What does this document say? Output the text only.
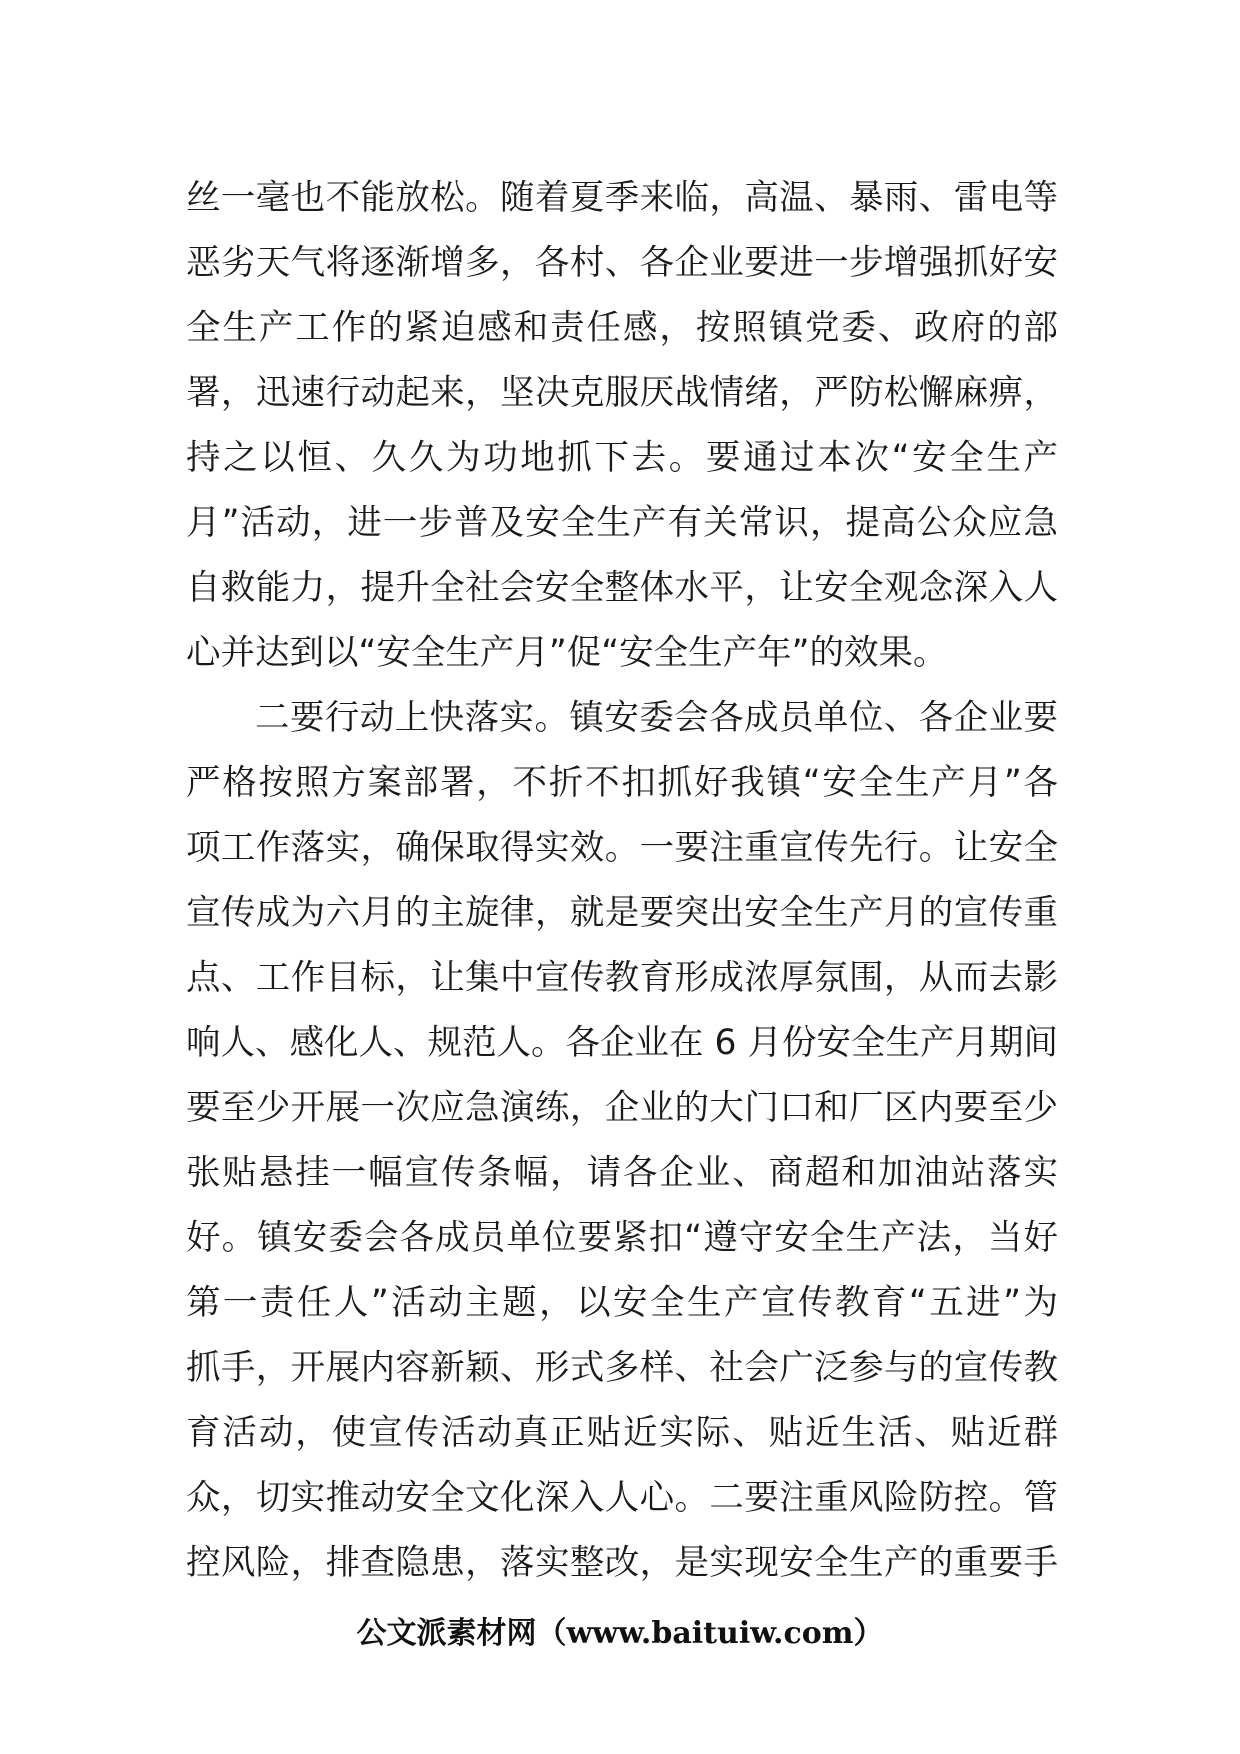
丝一毫也不能放松。随着夏季来临，高温、暴雨、雷电等
恶劣天气将逐渐增多，各村、各企业要进一步增强抓好安
全生产工作的紧迫感和责任感，按照镇党委、政府的部
署，迅速行动起来，坚决克服厌战情绪，严防松懈麻痹，
持之以恒、久久为功地抓下去。要通过本次“安全生产
月”活动，进一步普及安全生产有关常识，提高公众应急
自救能力，提升全社会安全整体水平，让安全观念深入人
心并达到以“安全生产月”促“安全生产年”的效果。
二要行动上快落实。镇安委会各成员单位、各企业要
严格按照方案部署，不折不扣抓好我镇“安全生产月”各
项工作落实，确保取得实效。一要注重宣传先行。让安全
宣传成为六月的主旋律，就是要突出安全生产月的宣传重
点、工作目标，让集中宣传教育形成浓厚氛围，从而去影
响人、感化人、规范人。各企业在 6 月份安全生产月期间
要至少开展一次应急演练，企业的大门口和厂区内要至少
张贴悬挂一幅宣传条幅，请各企业、商超和加油站落实
好。镇安委会各成员单位要紧扣“遵守安全生产法，当好
第一责任人”活动主题，以安全生产宣传教育“五进”为
抓手，开展内容新颖、形式多样、社会广泛参与的宣传教
育活动，使宣传活动真正贴近实际、贴近生活、贴近群
众，切实推动安全文化深入人心。二要注重风险防控。管
控风险，排查隐患，落实整改，是实现安全生产的重要手
公文派素材网（www.baituiw.com）
